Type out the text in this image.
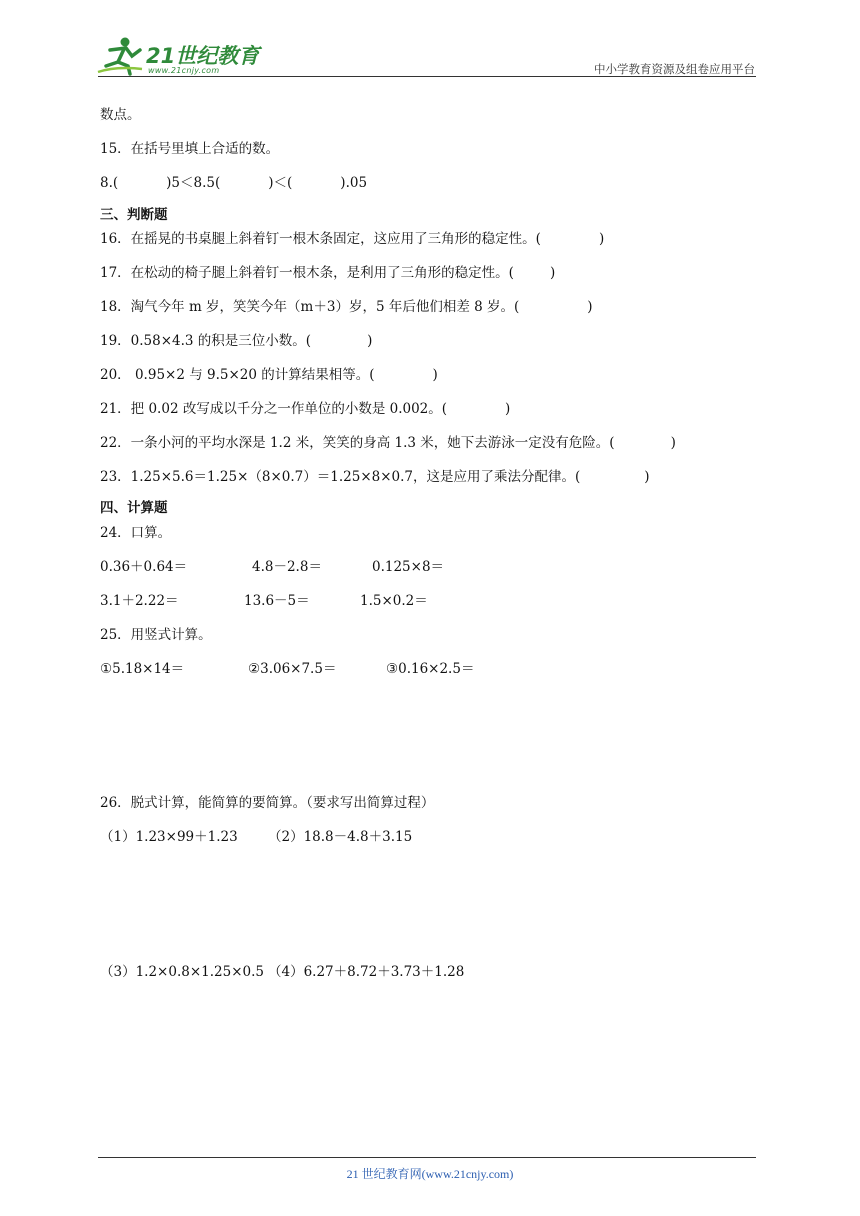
21世纪教育
www.21cnjy.com	中小学教育资源及组卷应用平台
数点。
15．在括号里填上合适的数。
8.(	)5＜8.5(	)＜(	).05
三、判断题
16．在摇晃的书桌腿上斜着钉一根木条固定，这应用了三角形的稳定性。(	)
17．在松动的椅子腿上斜着钉一根木条，是利用了三角形的稳定性。(	)
18．淘气今年 m 岁，笑笑今年（m＋3）岁，5 年后他们相差 8 岁。(	)
19．0.58×4.3 的积是三位小数。(	)
20． 0.95×2 与 9.5×20 的计算结果相等。(	)
21．把 0.02 改写成以千分之一作单位的小数是 0.002。(	)
22．一条小河的平均水深是 1.2 米，笑笑的身高 1.3 米，她下去游泳一定没有危险。(	)
23．1.25×5.6＝1.25×（8×0.7）＝1.25×8×0.7，这是应用了乘法分配律。(	)
四、计算题
24．口算。
0.36＋0.64＝	4.8－2.8＝	0.125×8＝
3.1＋2.22＝	13.6－5＝	1.5×0.2＝
25．用竖式计算。
①5.18×14＝	②3.06×7.5＝	③0.16×2.5＝
26．脱式计算，能简算的要简算。（要求写出简算过程）
（1）1.23×99＋1.23 （2）18.8－4.8＋3.15
（3）1.2×0.8×1.25×0.5 （4）6.27＋8.72＋3.73＋1.28
21 世纪教育网(www.21cnjy.com)
